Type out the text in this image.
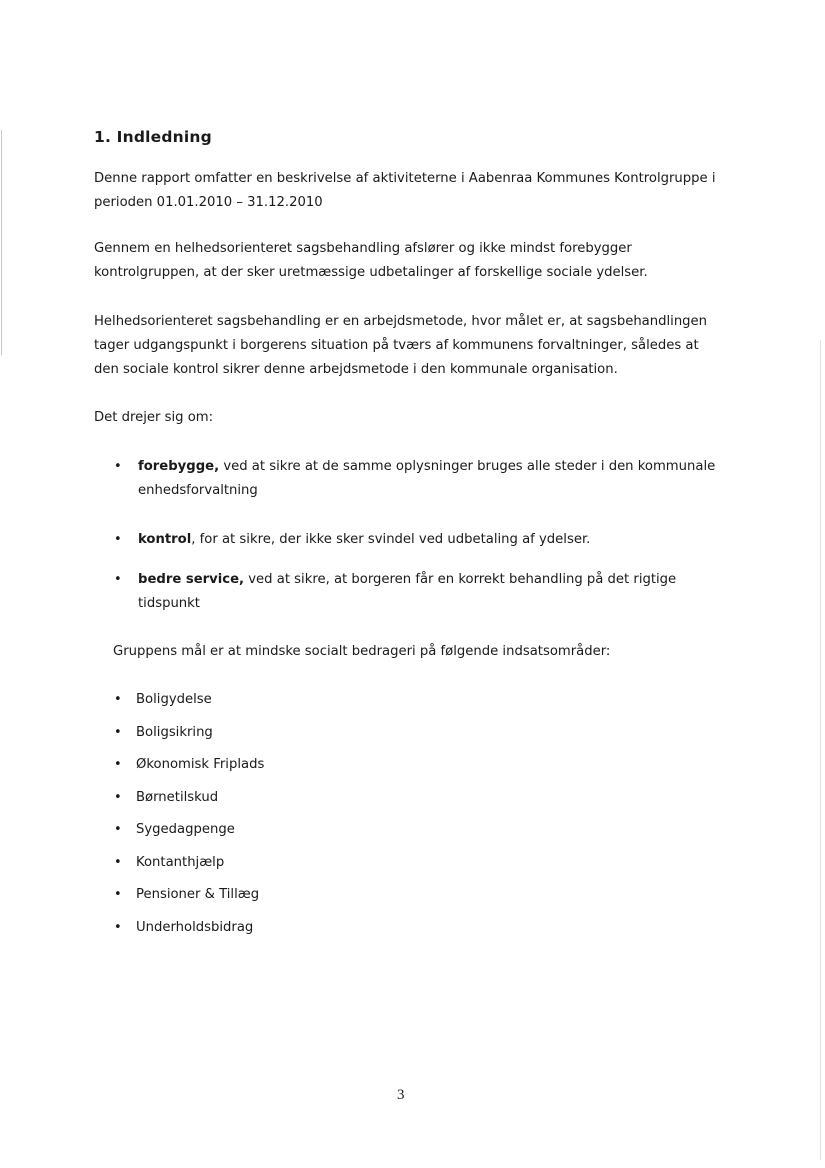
1. Indledning

Denne rapport omfatter en beskrivelse af aktiviteterne i Aabenraa Kommunes Kontrolgruppe i
perioden 01.01.2010 – 31.12.2010

Gennem en helhedsorienteret sagsbehandling afslører og ikke mindst forebygger
kontrolgruppen, at der sker uretmæssige udbetalinger af forskellige sociale ydelser.

Helhedsorienteret sagsbehandling er en arbejdsmetode, hvor målet er, at sagsbehandlingen
tager udgangspunkt i borgerens situation på tværs af kommunens forvaltninger, således at
den sociale kontrol sikrer denne arbejdsmetode i den kommunale organisation.

Det drejer sig om:

• forebygge, ved at sikre at de samme oplysninger bruges alle steder i den kommunale
enhedsforvaltning
• kontrol, for at sikre, der ikke sker svindel ved udbetaling af ydelser.
• bedre service, ved at sikre, at borgeren får en korrekt behandling på det rigtige
tidspunkt

Gruppens mål er at mindske socialt bedrageri på følgende indsatsområder:

• Boligydelse
• Boligsikring
• Økonomisk Friplads
• Børnetilskud
• Sygedagpenge
• Kontanthjælp
• Pensioner & Tillæg
• Underholdsbidrag
3
